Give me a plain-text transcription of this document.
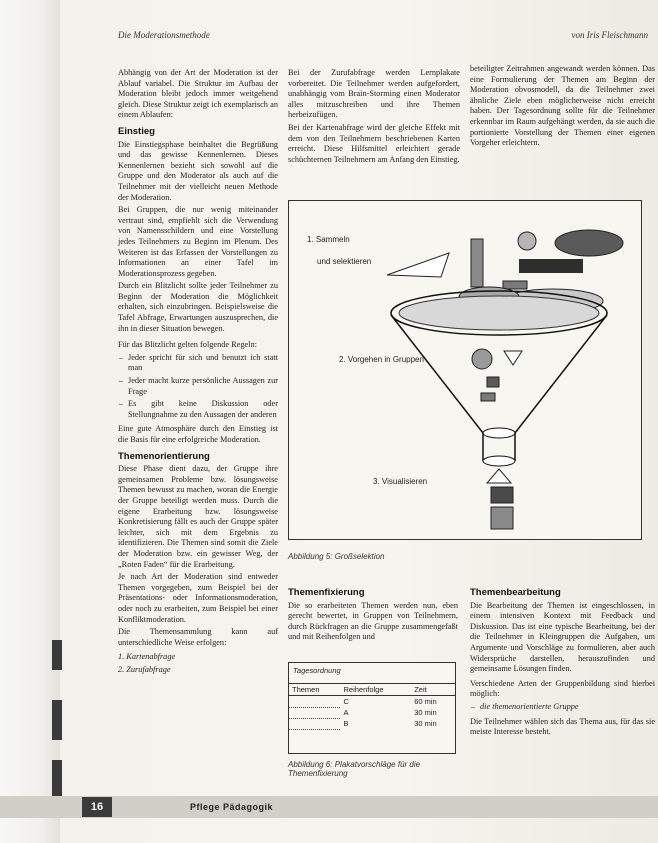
Die Moderationsmethode	von Iris Fleischmann

Abhängig von der Art der Moderation ist der Ablauf variabel. Die Struktur im Aufbau der Moderation bleibt jedoch immer weitgehend gleich. Diese Struktur zeigt ich exemplarisch an einem Ablaufen:

Einstieg

Die Einstiegsphase beinhaltet die Begrüßung und das gewisse Kennenlernen. Dieses Kennenlernen bezieht sich sowohl auf die Gruppe und den Moderator als auch auf die Teilnehmer mit der vielleicht neuen Methode der Moderation.

Bei Gruppen, die nur wenig miteinander vertraut sind, empfiehlt sich die Verwendung von Namensschildern und eine Vorstellung jedes Teilnehmers zu Beginn im Plenum. Des Weiteren ist das Erfassen der Vorstellungen zu Informationen an einer Tafel im Moderationsprozess gegeben.

Durch ein Blitzlicht sollte jeder Teilnehmer zu Beginn der Moderation die Möglichkeit erhalten, sich einzubringen. Beispielsweise die Tafel Abfrage, Erwartungen auszusprechen, die ihn in dieser Situation bewegen.

Für das Blitzlicht gelten folgende Regeln:

– Jeder spricht für sich und benutzt ich statt man
– Jeder macht kurze persönliche Aussagen zur Frage
– Es gibt keine Diskussion oder Stellungnahme zu den Aussagen der anderen

Eine gute Atmosphäre durch den Einstieg ist die Basis für eine erfolgreiche Moderation.

Themenorientierung

Diese Phase dient dazu, der Gruppe ihre gemeinsamen Probleme bzw. lösungsweise Themen bewusst zu machen, woran die Energie der Gruppe beteiligt werden muss. Durch die eigene Erarbeitung bzw. lösungsweise Konkretisierung fällt es auch der Gruppe später leichter, sich mit dem Ergebnis zu identifizieren. Die Themen sind somit die Ziele der Moderation bzw. ein gewisser Weg, der „Roten Faden“ für die Erarbeitung.

Je nach Art der Moderation sind entweder Themen vorgegeben, zum Beispiel bei der Präsentations- oder Informationsmoderation, oder noch zu erarbeiten, zum Beispiel bei einer Konfliktmoderation.

Die Themensammlung kann auf unterschiedliche Weise erfolgen:

1. Kartenabfrage

2. Zurufabfrage

Bei der Zurufabfrage werden Lernplakate vorbereitet. Die Teilnehmer werden aufgefordert, unabhängig vom Brain-Storming einen Moderator alles mitzuschreiben und ihre Themen herbeizufügen.

Bei der Kartenabfrage wird der gleiche Effekt mit dem von den Teilnehmern beschriebenen Karten erreicht. Diese Hilfsmittel erleichtert gerade schüchternen Teilnehmern am Anfang den Einstieg.

beteiligter Zeitrahmen angewandt werden können. Das eine Formulierung der Themen am Beginn der Moderation obvosmodell, da die Teilnehmer zwei ähnliche Ziele eben möglicherweise nicht erreicht haben. Der Tagesordnung sollte für die Teilnehmer erkennbar im Raum aufgehängt werden, da sie auch die portionierte Vorstellung der Themen einer eigenen Vorgeher erleichtern.

1. Sammeln
und selektieren
2. Vorgehen in Gruppen
3. Visualisieren
Abbildung 5: Großselektion
Themenfixierung

Die so erarbeiteten Themen werden nun, eben gerecht bewertet, in Gruppen von Teilnehmern, durch Rückfragen an die Gruppe zusammengefaßt und mit Reihenfolgen und

Tagesordnung
Themen	Reihenfolge	Zeit
	C	60 min
	A	30 min
	B	30 min
Abbildung 6: Plakatvorschläge für die Themenfixierung
Themenbearbeitung

Die Bearbeitung der Themen ist eingeschlossen, in einem intensiven Kontext mit Feedback und Diskussion. Das ist eine typische Bearbeitung, bei der die Teilnehmer in Kleingruppen die Aufgaben, um Argumente und Vorschläge zu formulieren, aber auch Widersprüche darstellen, herauszufinden und gemeinsame Lösungen finden.

Verschiedene Arten der Gruppenbildung sind hierbei möglich:

– die themenorientierte Gruppe

Die Teilnehmer wählen sich das Thema aus, für das sie meiste Interesse besteht.

16	Pflege Pädagogik
